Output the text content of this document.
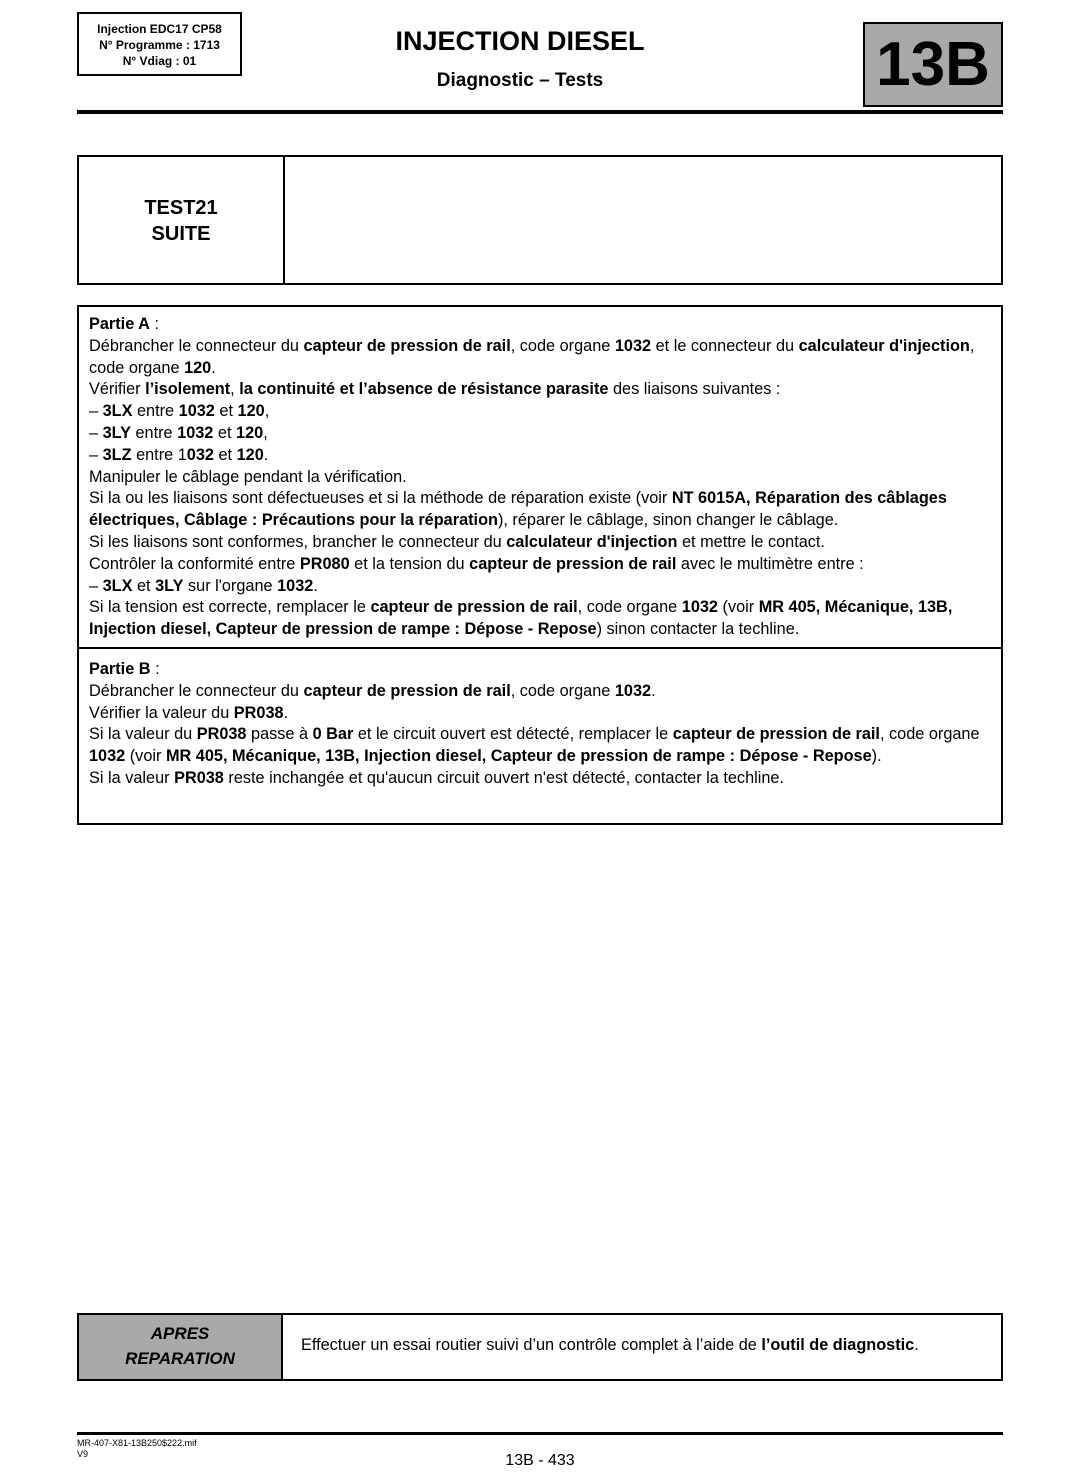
Injection EDC17 CP58
N° Programme : 1713
N° Vdiag : 01
INJECTION DIESEL
Diagnostic – Tests	13B
TEST21
SUITE
Partie A :
Débrancher le connecteur du capteur de pression de rail, code organe 1032 et le connecteur du calculateur d'injection, code organe 120.
Vérifier l’isolement, la continuité et l’absence de résistance parasite des liaisons suivantes :
– 3LX entre 1032 et 120,
– 3LY entre 1032 et 120,
– 3LZ entre 1032 et 120.
Manipuler le câblage pendant la vérification.
Si la ou les liaisons sont défectueuses et si la méthode de réparation existe (voir NT 6015A, Réparation des câblages électriques, Câblage : Précautions pour la réparation), réparer le câblage, sinon changer le câblage.
Si les liaisons sont conformes, brancher le connecteur du calculateur d'injection et mettre le contact.
Contrôler la conformité entre PR080 et la tension du capteur de pression de rail avec le multimètre entre :
– 3LX et 3LY sur l'organe 1032.
Si la tension est correcte, remplacer le capteur de pression de rail, code organe 1032 (voir MR 405, Mécanique, 13B, Injection diesel, Capteur de pression de rampe : Dépose - Repose) sinon contacter la techline.
Partie B :
Débrancher le connecteur du capteur de pression de rail, code organe 1032.
Vérifier la valeur du PR038.
Si la valeur du PR038 passe à 0 Bar et le circuit ouvert est détecté, remplacer le capteur de pression de rail, code organe 1032 (voir MR 405, Mécanique, 13B, Injection diesel, Capteur de pression de rampe : Dépose - Repose).
Si la valeur PR038 reste inchangée et qu'aucun circuit ouvert n'est détecté, contacter la techline.
APRES
REPARATION
Effectuer un essai routier suivi d’un contrôle complet à l’aide de l’outil de diagnostic.
MR-407-X81-13B250$222.mif
V9	13B - 433
